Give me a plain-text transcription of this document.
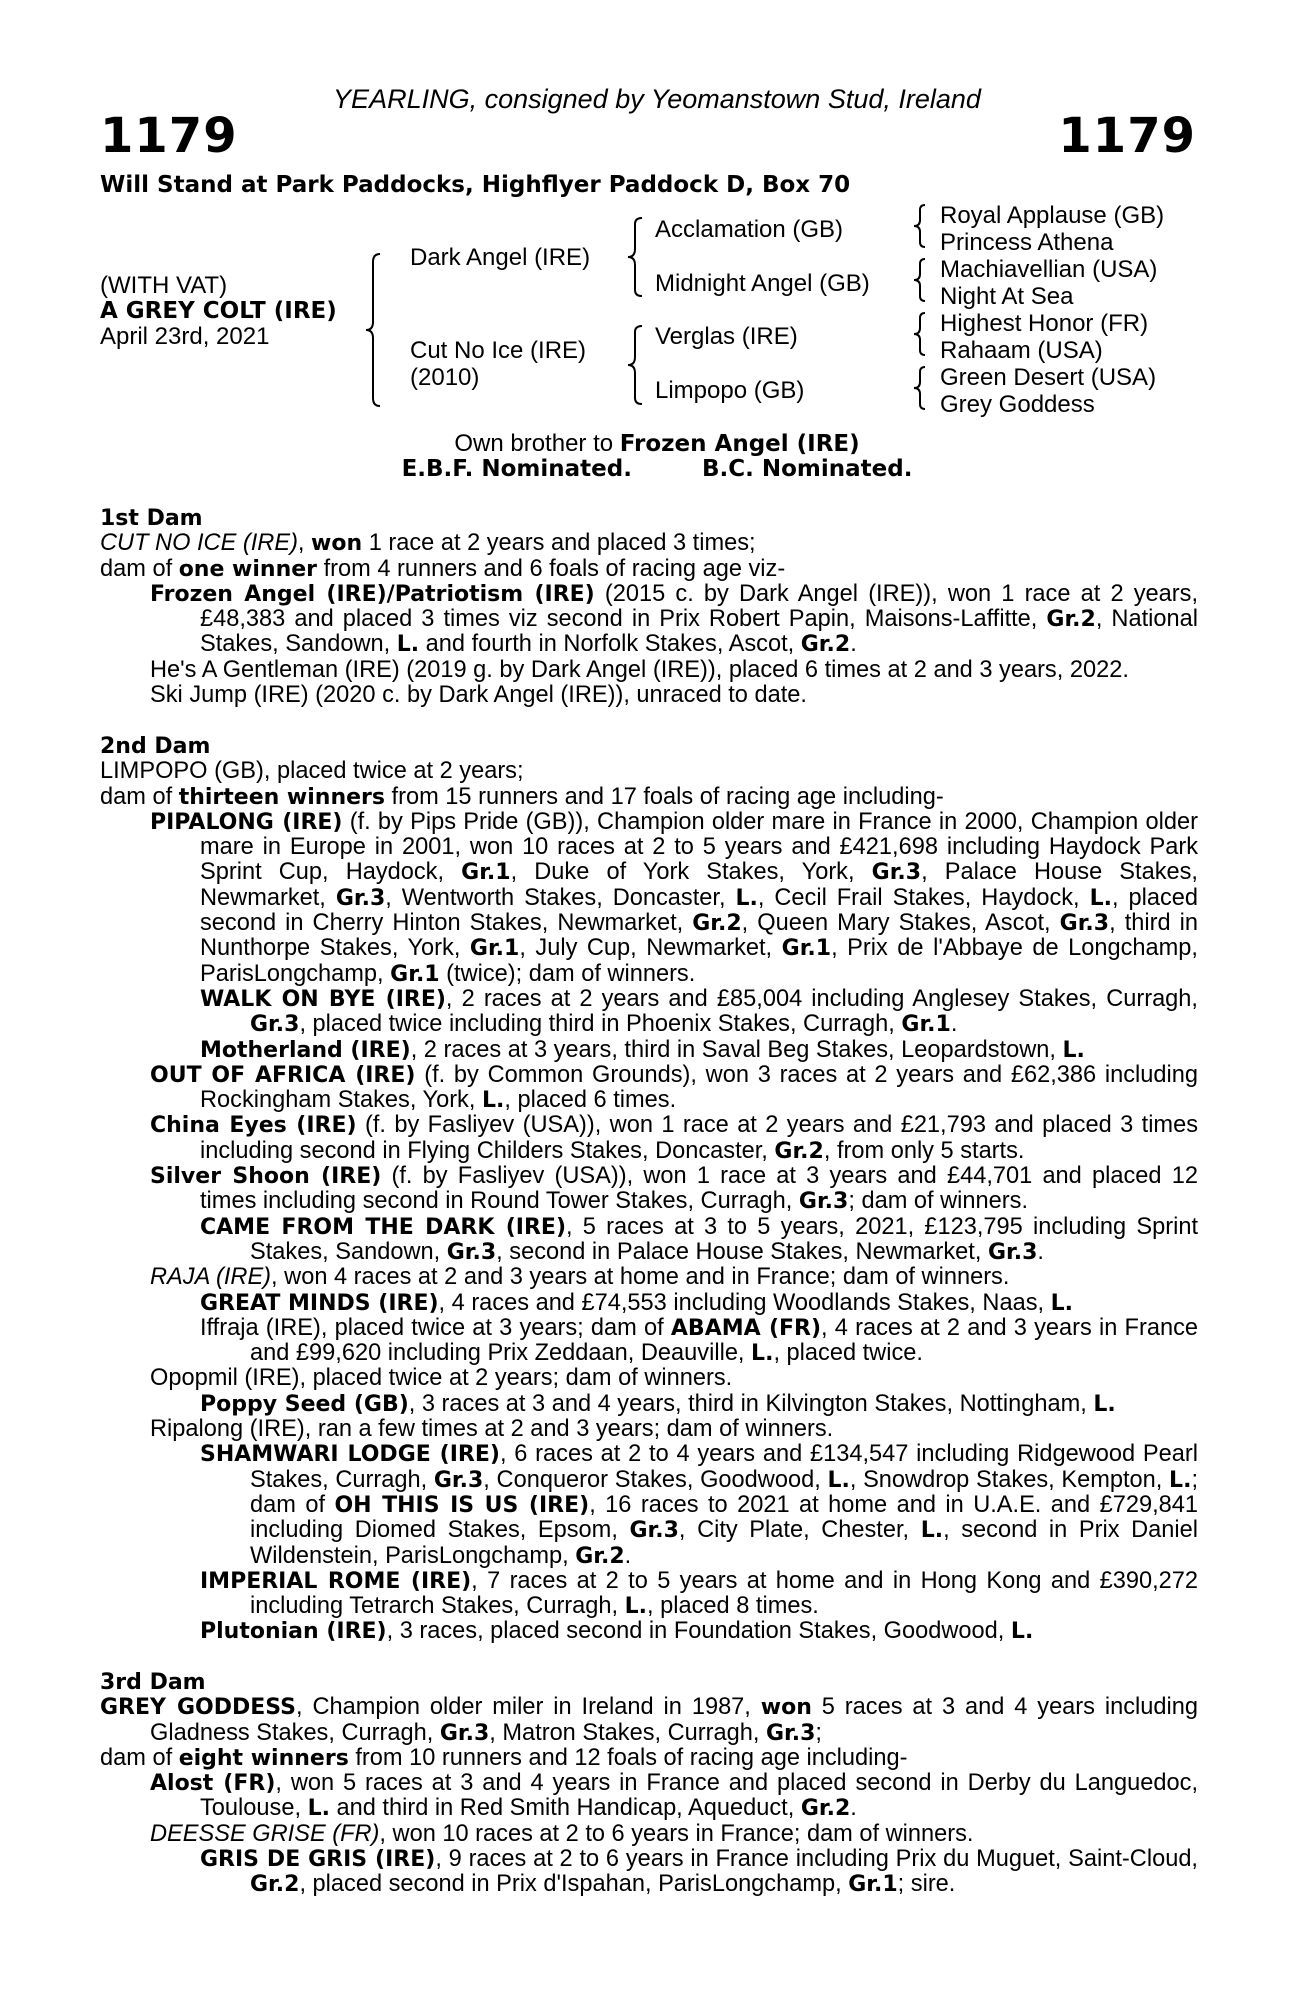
YEARLING, consigned by Yeomanstown Stud, Ireland
1179	1179
Will Stand at Park Paddocks, Highflyer Paddock D, Box 70
(WITH VAT)
A GREY COLT (IRE)
April 23rd, 2021
Dark Angel (IRE)
Cut No Ice (IRE)
(2010)
Acclamation (GB)
Midnight Angel (GB)
Verglas (IRE)
Limpopo (GB)
Royal Applause (GB)
Princess Athena
Machiavellian (USA)
Night At Sea
Highest Honor (FR)
Rahaam (USA)
Green Desert (USA)
Grey Goddess
Own brother to Frozen Angel (IRE)
E.B.F. Nominated.	B.C. Nominated.
1st Dam
CUT NO ICE (IRE), won 1 race at 2 years and placed 3 times;
dam of one winner from 4 runners and 6 foals of racing age viz-
Frozen Angel (IRE)/Patriotism (IRE) (2015 c. by Dark Angel (IRE)), won 1 race at 2 years, £48,383 and placed 3 times viz second in Prix Robert Papin, Maisons-Laffitte, Gr.2, National Stakes, Sandown, L. and fourth in Norfolk Stakes, Ascot, Gr.2.
He's A Gentleman (IRE) (2019 g. by Dark Angel (IRE)), placed 6 times at 2 and 3 years, 2022.
Ski Jump (IRE) (2020 c. by Dark Angel (IRE)), unraced to date.
2nd Dam
LIMPOPO (GB), placed twice at 2 years;
dam of thirteen winners from 15 runners and 17 foals of racing age including-
PIPALONG (IRE) (f. by Pips Pride (GB)), Champion older mare in France in 2000, Champion older mare in Europe in 2001, won 10 races at 2 to 5 years and £421,698 including Haydock Park Sprint Cup, Haydock, Gr.1, Duke of York Stakes, York, Gr.3, Palace House Stakes, Newmarket, Gr.3, Wentworth Stakes, Doncaster, L., Cecil Frail Stakes, Haydock, L., placed second in Cherry Hinton Stakes, Newmarket, Gr.2, Queen Mary Stakes, Ascot, Gr.3, third in Nunthorpe Stakes, York, Gr.1, July Cup, Newmarket, Gr.1, Prix de l'Abbaye de Longchamp, ParisLongchamp, Gr.1 (twice); dam of winners.
WALK ON BYE (IRE), 2 races at 2 years and £85,004 including Anglesey Stakes, Curragh, Gr.3, placed twice including third in Phoenix Stakes, Curragh, Gr.1.
Motherland (IRE), 2 races at 3 years, third in Saval Beg Stakes, Leopardstown, L.
OUT OF AFRICA (IRE) (f. by Common Grounds), won 3 races at 2 years and £62,386 including Rockingham Stakes, York, L., placed 6 times.
China Eyes (IRE) (f. by Fasliyev (USA)), won 1 race at 2 years and £21,793 and placed 3 times including second in Flying Childers Stakes, Doncaster, Gr.2, from only 5 starts.
Silver Shoon (IRE) (f. by Fasliyev (USA)), won 1 race at 3 years and £44,701 and placed 12 times including second in Round Tower Stakes, Curragh, Gr.3; dam of winners.
CAME FROM THE DARK (IRE), 5 races at 3 to 5 years, 2021, £123,795 including Sprint Stakes, Sandown, Gr.3, second in Palace House Stakes, Newmarket, Gr.3.
RAJA (IRE), won 4 races at 2 and 3 years at home and in France; dam of winners.
GREAT MINDS (IRE), 4 races and £74,553 including Woodlands Stakes, Naas, L.
Iffraja (IRE), placed twice at 3 years; dam of ABAMA (FR), 4 races at 2 and 3 years in France and £99,620 including Prix Zeddaan, Deauville, L., placed twice.
Opopmil (IRE), placed twice at 2 years; dam of winners.
Poppy Seed (GB), 3 races at 3 and 4 years, third in Kilvington Stakes, Nottingham, L.
Ripalong (IRE), ran a few times at 2 and 3 years; dam of winners.
SHAMWARI LODGE (IRE), 6 races at 2 to 4 years and £134,547 including Ridgewood Pearl Stakes, Curragh, Gr.3, Conqueror Stakes, Goodwood, L., Snowdrop Stakes, Kempton, L.; dam of OH THIS IS US (IRE), 16 races to 2021 at home and in U.A.E. and £729,841 including Diomed Stakes, Epsom, Gr.3, City Plate, Chester, L., second in Prix Daniel Wildenstein, ParisLongchamp, Gr.2.
IMPERIAL ROME (IRE), 7 races at 2 to 5 years at home and in Hong Kong and £390,272 including Tetrarch Stakes, Curragh, L., placed 8 times.
Plutonian (IRE), 3 races, placed second in Foundation Stakes, Goodwood, L.
3rd Dam
GREY GODDESS, Champion older miler in Ireland in 1987, won 5 races at 3 and 4 years including Gladness Stakes, Curragh, Gr.3, Matron Stakes, Curragh, Gr.3;
dam of eight winners from 10 runners and 12 foals of racing age including-
Alost (FR), won 5 races at 3 and 4 years in France and placed second in Derby du Languedoc, Toulouse, L. and third in Red Smith Handicap, Aqueduct, Gr.2.
DEESSE GRISE (FR), won 10 races at 2 to 6 years in France; dam of winners.
GRIS DE GRIS (IRE), 9 races at 2 to 6 years in France including Prix du Muguet, Saint-Cloud, Gr.2, placed second in Prix d'Ispahan, ParisLongchamp, Gr.1; sire.
